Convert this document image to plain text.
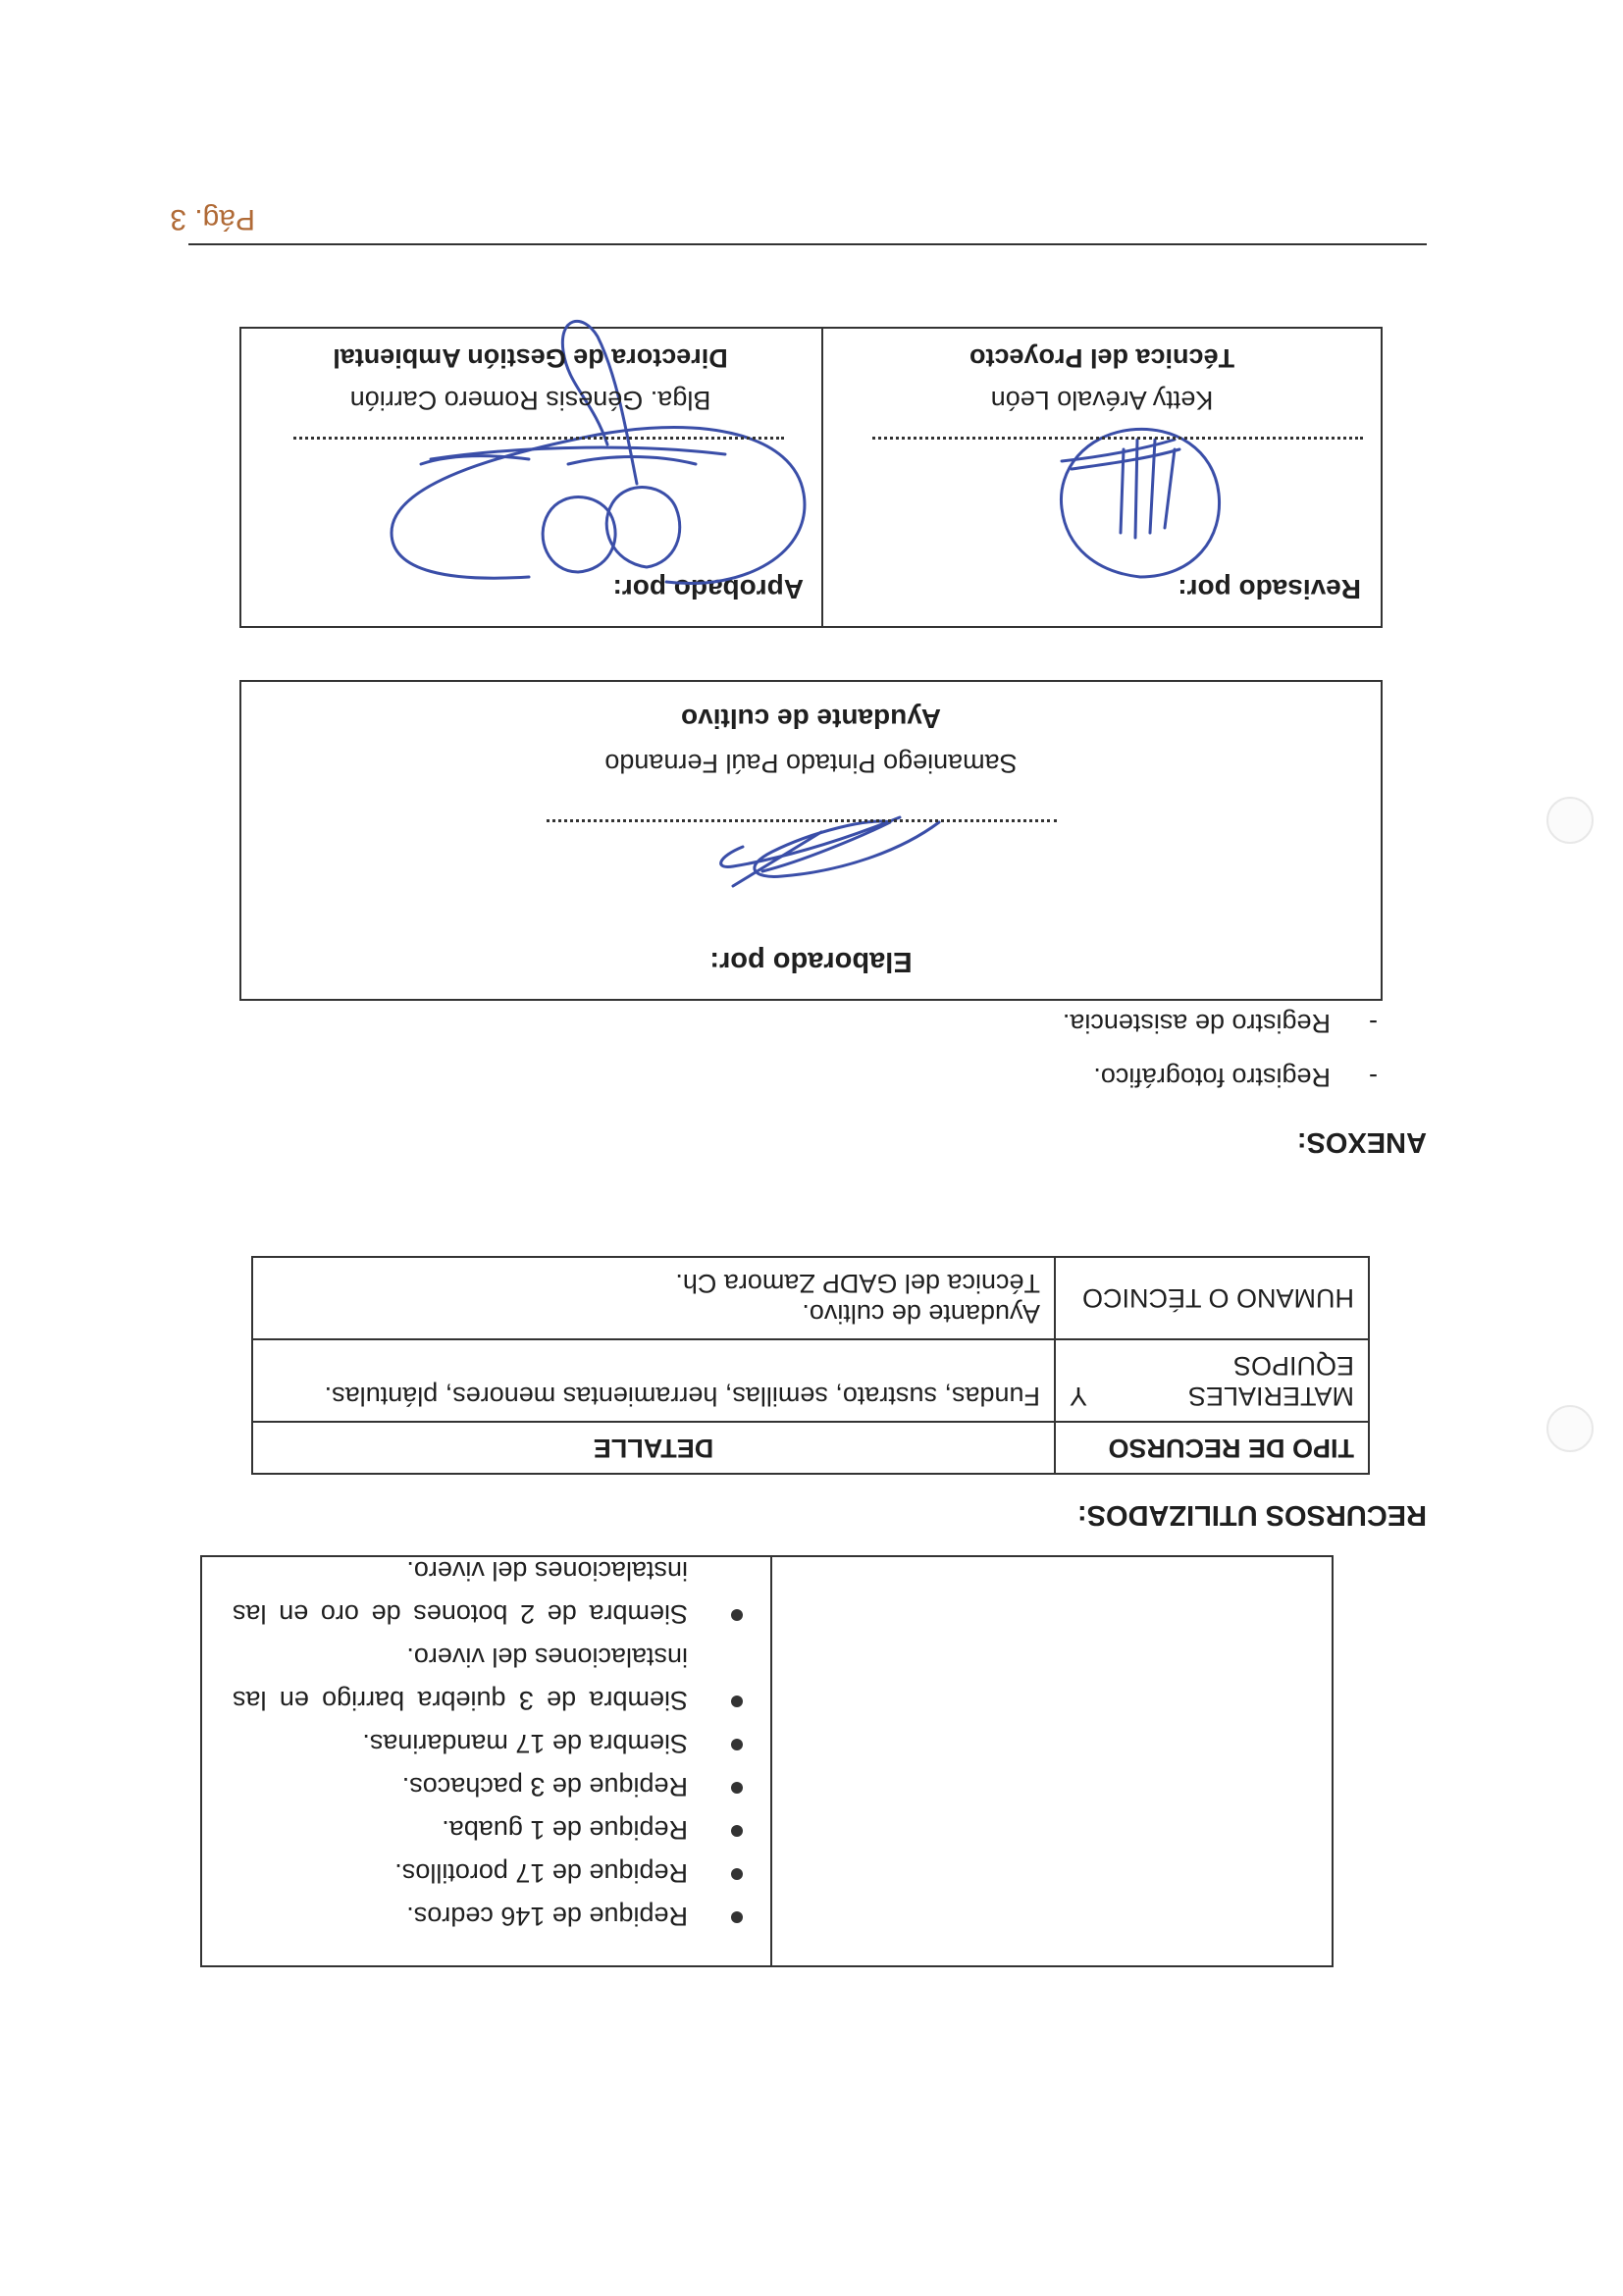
Repique de 146 cedros.
Repique de 17 porotillos.
Repique de 1 guaba.
Repique de 3 pachacos.
Siembra de 17 mandarinas.
Siembra de 3 quiebra barrigo en las instalaciones del vivero.
Siembra de 2 botones de oro en las instalaciones del vivero.
RECURSOS UTILIZADOS:
TIPO DE RECURSO	DETALLE

MATERIALES
Y
EQUIPOS	Fundas, sustrato, semillas, herramientas menores, plántulas.

HUMANO O TÉCNICO	Ayudante de cultivo.
Técnica del GADP Zamora Ch.
ANEXOS:
-
Registro fotográfico.
-
Registro de asistencia.
Elaborado por:
Samaniego Pintado Paúl Fernando
Ayudante de cultivo
Revisado por:
Ketty Arévalo León
Técnica del Proyecto
Aprobado por:
Blga. Génesis Romero Carrión
Directora de Gestión Ambiental
Pág. 3
